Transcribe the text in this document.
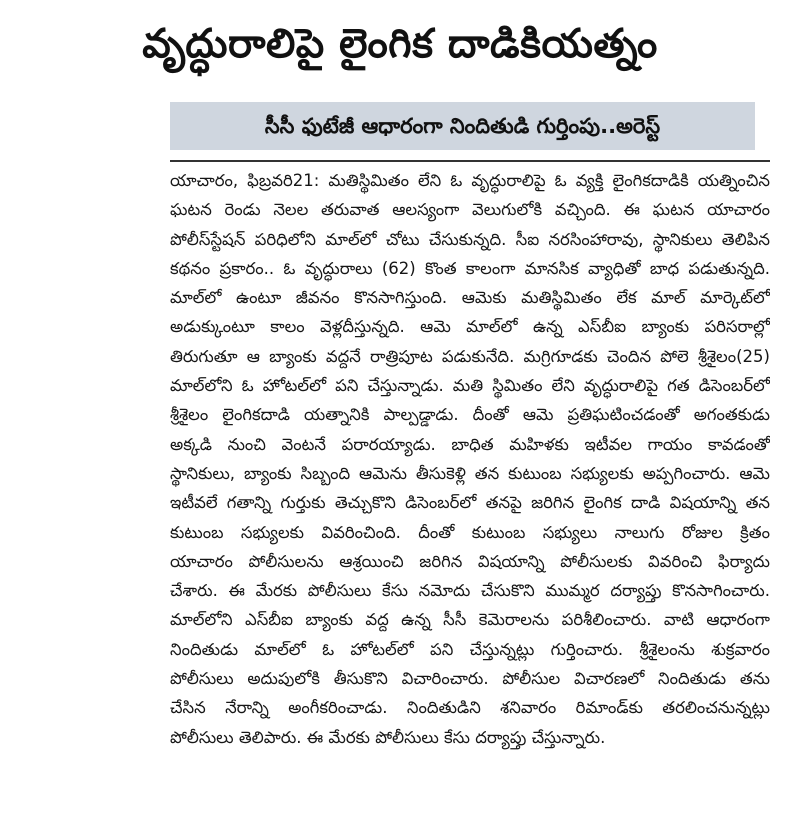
వృద్ధురాలిపై లైంగిక దాడికియత్నం
సీసీ ఫుటేజీ ఆధారంగా నిందితుడి గుర్తింపు..అరెస్ట్
యాచారం, ఫిబ్రవరి21: మతిస్థిమితం లేని ఓ వృద్ధురాలిపై ఓ వ్యక్తి లైంగికదాడికి యత్నించిన
ఘటన రెండు నెలల తరువాత ఆలస్యంగా వెలుగులోకి వచ్చింది. ఈ ఘటన యాచారం
పోలీస్‌స్టేషన్ పరిధిలోని మాల్‌లో చోటు చేసుకున్నది. సీఐ నరసింహారావు, స్థానికులు తెలిపిన
కథనం ప్రకారం.. ఓ వృద్ధురాలు (62) కొంత కాలంగా మానసిక వ్యాధితో బాధ పడుతున్నది.
మాల్‌లో ఉంటూ జీవనం కొనసాగిస్తుంది. ఆమెకు మతిస్థిమితం లేక మాల్ మార్కెట్‌లో
అడుక్కుంటూ కాలం వెళ్లదీస్తున్నది. ఆమె మాల్‌లో ఉన్న ఎస్‌బీఐ బ్యాంకు పరిసరాల్లో
తిరుగుతూ ఆ బ్యాంకు వద్దనే రాత్రిపూట పడుకునేది. మగ్రిగూడకు చెందిన పోలె శ్రీశైలం(25)
మాల్‌లోని ఓ హోటల్‌లో పని చేస్తున్నాడు. మతి స్థిమితం లేని వృద్ధురాలిపై గత డిసెంబర్‌లో
శ్రీశైలం లైంగికదాడి యత్నానికి పాల్పడ్డాడు. దీంతో ఆమె ప్రతిఘటించడంతో అగంతకుడు
అక్కడి నుంచి వెంటనే పరారయ్యాడు. బాధిత మహిళకు ఇటీవల గాయం కావడంతో
స్థానికులు, బ్యాంకు సిబ్బంది ఆమెను తీసుకెళ్లి తన కుటుంబ సభ్యులకు అప్పగించారు. ఆమె
ఇటీవలే గతాన్ని గుర్తుకు తెచ్చుకొని డిసెంబర్‌లో తనపై జరిగిన లైంగిక దాడి విషయాన్ని తన
కుటుంబ సభ్యులకు వివరించింది. దీంతో కుటుంబ సభ్యులు నాలుగు రోజుల క్రితం
యాచారం పోలీసులను ఆశ్రయించి జరిగిన విషయాన్ని పోలీసులకు వివరించి ఫిర్యాదు
చేశారు. ఈ మేరకు పోలీసులు కేసు నమోదు చేసుకొని ముమ్మర దర్యాప్తు కొనసాగించారు.
మాల్‌లోని ఎస్‌బీఐ బ్యాంకు వద్ద ఉన్న సీసీ కెమెరాలను పరిశీలించారు. వాటి ఆధారంగా
నిందితుడు మాల్‌లో ఓ హోటల్‌లో పని చేస్తున్నట్లు గుర్తించారు. శ్రీశైలంను శుక్రవారం
పోలీసులు అదుపులోకి తీసుకొని విచారించారు. పోలీసుల విచారణలో నిందితుడు తను
చేసిన నేరాన్ని అంగీకరించాడు. నిందితుడిని శనివారం రిమాండ్‌కు తరలించనున్నట్లు
పోలీసులు తెలిపారు. ఈ మేరకు పోలీసులు కేసు దర్యాప్తు చేస్తున్నారు.
